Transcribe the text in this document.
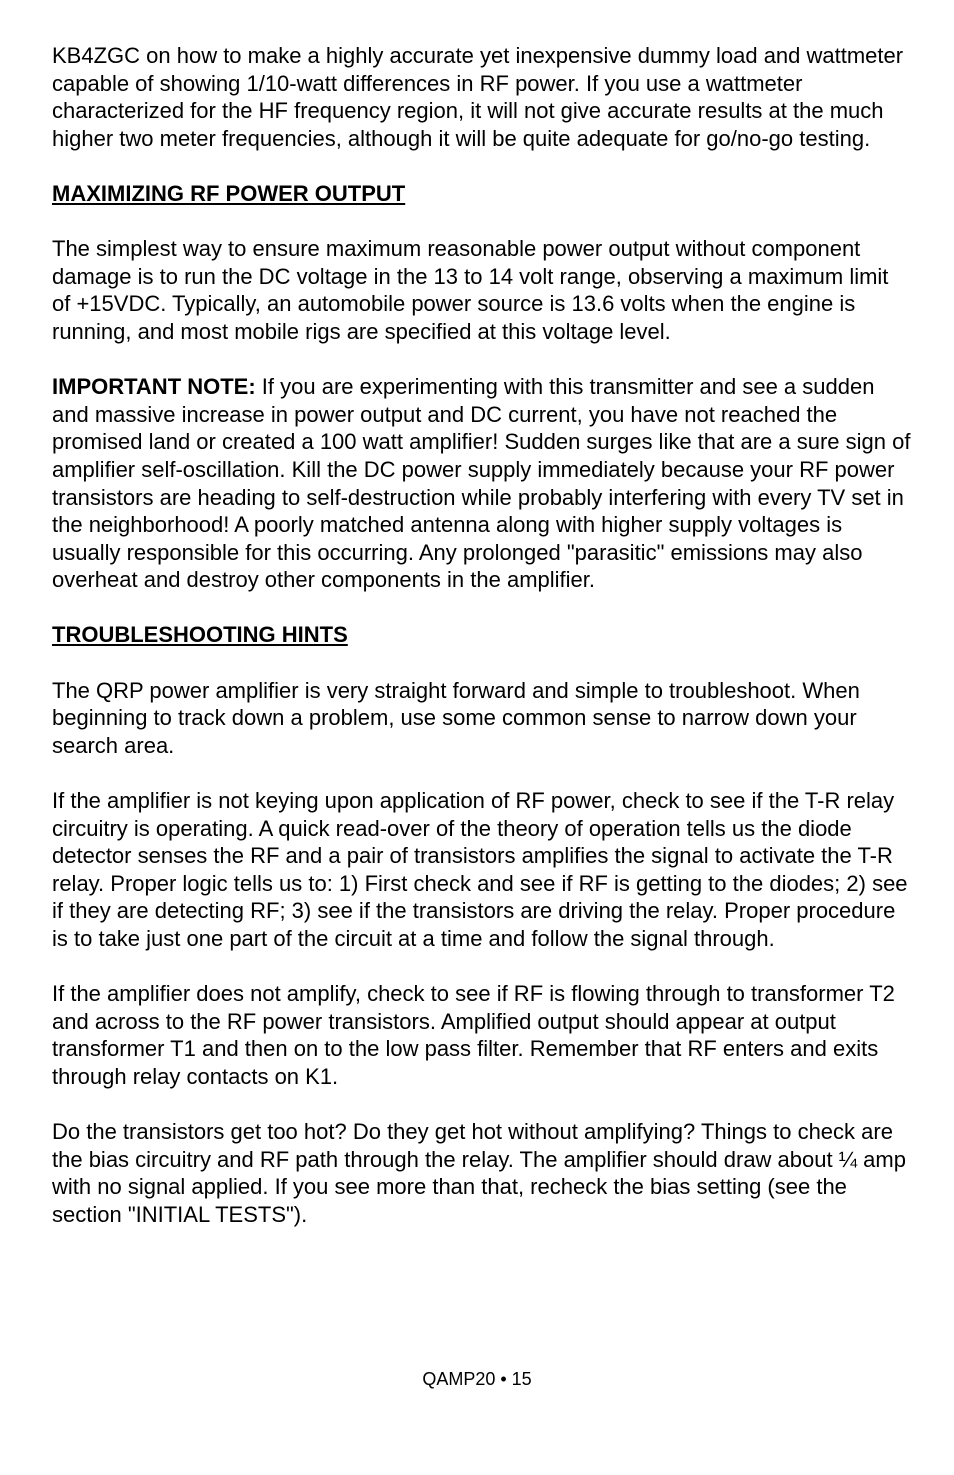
KB4ZGC on how to make a highly accurate yet inexpensive dummy load and wattmeter capable of showing 1/10-watt differences in RF power. If you use a wattmeter characterized for the HF frequency region, it will not give accurate results at the much higher two meter frequencies, although it will be quite adequate for go/no-go testing.

MAXIMIZING RF POWER OUTPUT

The simplest way to ensure maximum reasonable power output without component damage is to run the DC voltage in the 13 to 14 volt range, observing a maximum limit of +15VDC. Typically, an automobile power source is 13.6 volts when the engine is running, and most mobile rigs are specified at this voltage level.

IMPORTANT NOTE: If you are experimenting with this transmitter and see a sudden and massive increase in power output and DC current, you have not reached the promised land or created a 100 watt amplifier! Sudden surges like that are a sure sign of amplifier self-oscillation. Kill the DC power supply immediately because your RF power transistors are heading to self-destruction while probably interfering with every TV set in the neighborhood! A poorly matched antenna along with higher supply voltages is usually responsible for this occurring. Any prolonged "parasitic" emissions may also overheat and destroy other components in the amplifier.

TROUBLESHOOTING HINTS

The QRP power amplifier is very straight forward and simple to troubleshoot. When beginning to track down a problem, use some common sense to narrow down your search area.

If the amplifier is not keying upon application of RF power, check to see if the T-R relay circuitry is operating. A quick read-over of the theory of operation tells us the diode detector senses the RF and a pair of transistors amplifies the signal to activate the T-R relay. Proper logic tells us to: 1) First check and see if RF is getting to the diodes; 2) see if they are detecting RF; 3) see if the transistors are driving the relay. Proper procedure is to take just one part of the circuit at a time and follow the signal through.

If the amplifier does not amplify, check to see if RF is flowing through to transformer T2 and across to the RF power transistors. Amplified output should appear at output transformer T1 and then on to the low pass filter. Remember that RF enters and exits through relay contacts on K1.

Do the transistors get too hot? Do they get hot without amplifying? Things to check are the bias circuitry and RF path through the relay. The amplifier should draw about ¼ amp with no signal applied. If you see more than that, recheck the bias setting (see the section "INITIAL TESTS").

QAMP20 • 15
